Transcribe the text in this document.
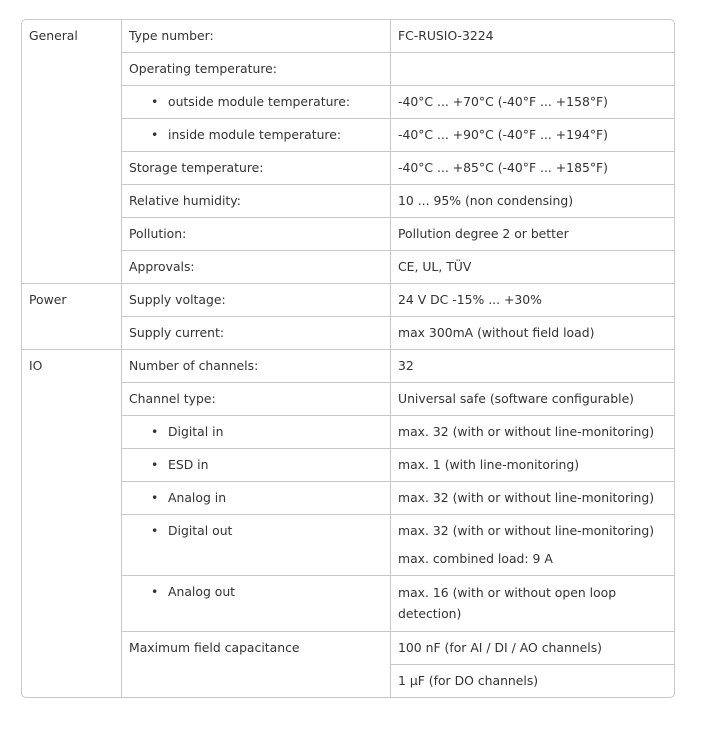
General	Type number:	FC-RUSIO-3224
	Operating temperature:	
	• outside module temperature:	-40°C ... +70°C (-40°F ... +158°F)
	• inside module temperature:	-40°C ... +90°C (-40°F ... +194°F)
	Storage temperature:	-40°C ... +85°C (-40°F ... +185°F)
	Relative humidity:	10 ... 95% (non condensing)
	Pollution:	Pollution degree 2 or better
	Approvals:	CE, UL, TÜV
Power	Supply voltage:	24 V DC -15% ... +30%
	Supply current:	max 300mA (without field load)
IO	Number of channels:	32
	Channel type:	Universal safe (software configurable)
	• Digital in	max. 32 (with or without line-monitoring)
	• ESD in	max. 1 (with line-monitoring)
	• Analog in	max. 32 (with or without line-monitoring)
	• Digital out	max. 32 (with or without line-monitoring)
max. combined load: 9 A

	• Analog out	max. 16 (with or without open loop detection)
	Maximum field capacitance	100 nF (for AI / DI / AO channels)
1 µF (for DO channels)
